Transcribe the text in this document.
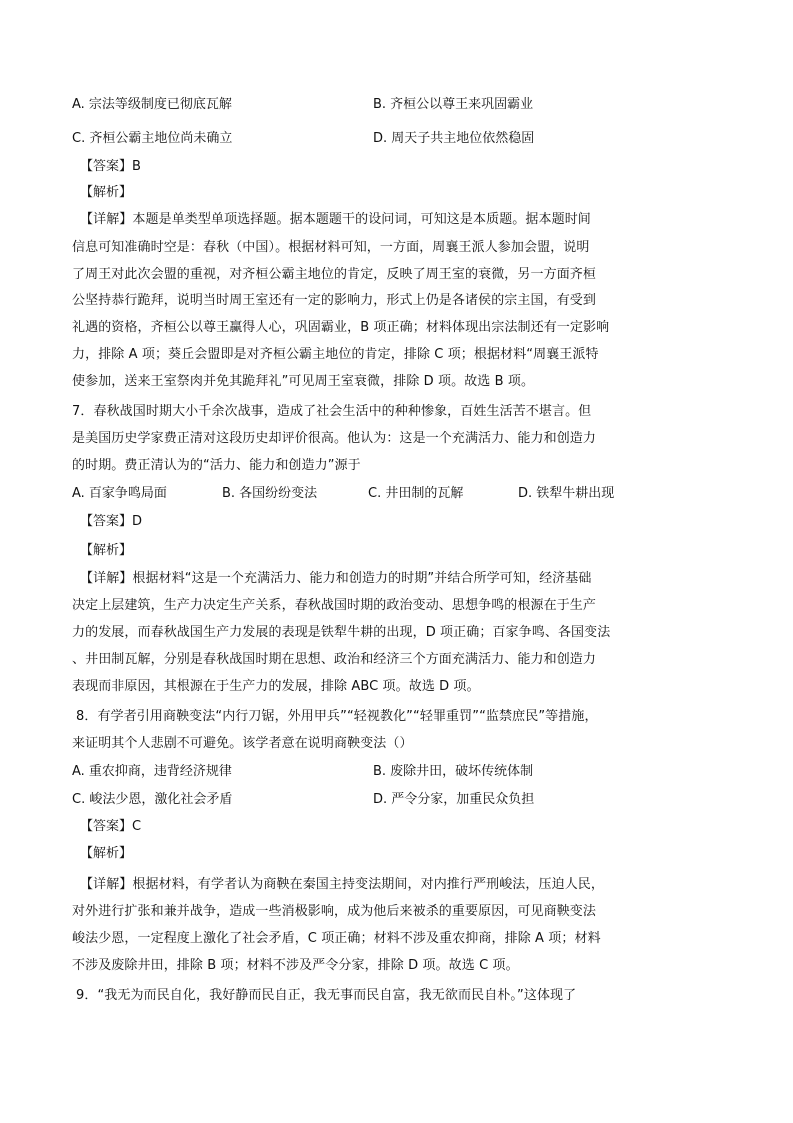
A. 宗法等级制度已彻底瓦解	B. 齐桓公以尊王来巩固霸业
C. 齐桓公霸主地位尚未确立	D. 周天子共主地位依然稳固
【答案】B
【解析】
【详解】本题是单类型单项选择题。据本题题干的设问词，可知这是本质题。据本题时间
信息可知准确时空是：春秋（中国）。根据材料可知，一方面，周襄王派人参加会盟，说明
了周王对此次会盟的重视，对齐桓公霸主地位的肯定，反映了周王室的衰微，另一方面齐桓
公坚持恭行跪拜，说明当时周王室还有一定的影响力，形式上仍是各诸侯的宗主国，有受到
礼遇的资格，齐桓公以尊王赢得人心，巩固霸业，B 项正确；材料体现出宗法制还有一定影响
力，排除 A 项；葵丘会盟即是对齐桓公霸主地位的肯定，排除 C 项；根据材料“周襄王派特
使参加，送来王室祭肉并免其跪拜礼”可见周王室衰微，排除 D 项。故选 B 项。
7．春秋战国时期大小千余次战事，造成了社会生活中的种种惨象，百姓生活苦不堪言。但
是美国历史学家费正清对这段历史却评价很高。他认为：这是一个充满活力、能力和创造力
的时期。费正清认为的“活力、能力和创造力”源于
A. 百家争鸣局面	B. 各国纷纷变法	C. 井田制的瓦解	D. 铁犁牛耕出现
【答案】D
【解析】
【详解】根据材料“这是一个充满活力、能力和创造力的时期”并结合所学可知，经济基础
决定上层建筑，生产力决定生产关系，春秋战国时期的政治变动、思想争鸣的根源在于生产
力的发展，而春秋战国生产力发展的表现是铁犁牛耕的出现，D 项正确；百家争鸣、各国变法
、井田制瓦解，分别是春秋战国时期在思想、政治和经济三个方面充满活力、能力和创造力
表现而非原因，其根源在于生产力的发展，排除 ABC 项。故选 D 项。
8．有学者引用商鞅变法“内行刀锯，外用甲兵”“轻视教化”“轻罪重罚”“监禁庶民”等措施，
来证明其个人悲剧不可避免。该学者意在说明商鞅变法（）
A. 重农抑商，违背经济规律	B. 废除井田，破坏传统体制
C. 峻法少恩，激化社会矛盾	D. 严令分家，加重民众负担
【答案】C
【解析】
【详解】根据材料，有学者认为商鞅在秦国主持变法期间，对内推行严刑峻法，压迫人民，
对外进行扩张和兼并战争，造成一些消极影响，成为他后来被杀的重要原因，可见商鞅变法
峻法少恩，一定程度上激化了社会矛盾，C 项正确；材料不涉及重农抑商，排除 A 项；材料
不涉及废除井田，排除 B 项；材料不涉及严令分家，排除 D 项。故选 C 项。
9．“我无为而民自化，我好静而民自正，我无事而民自富，我无欲而民自朴。”这体现了
